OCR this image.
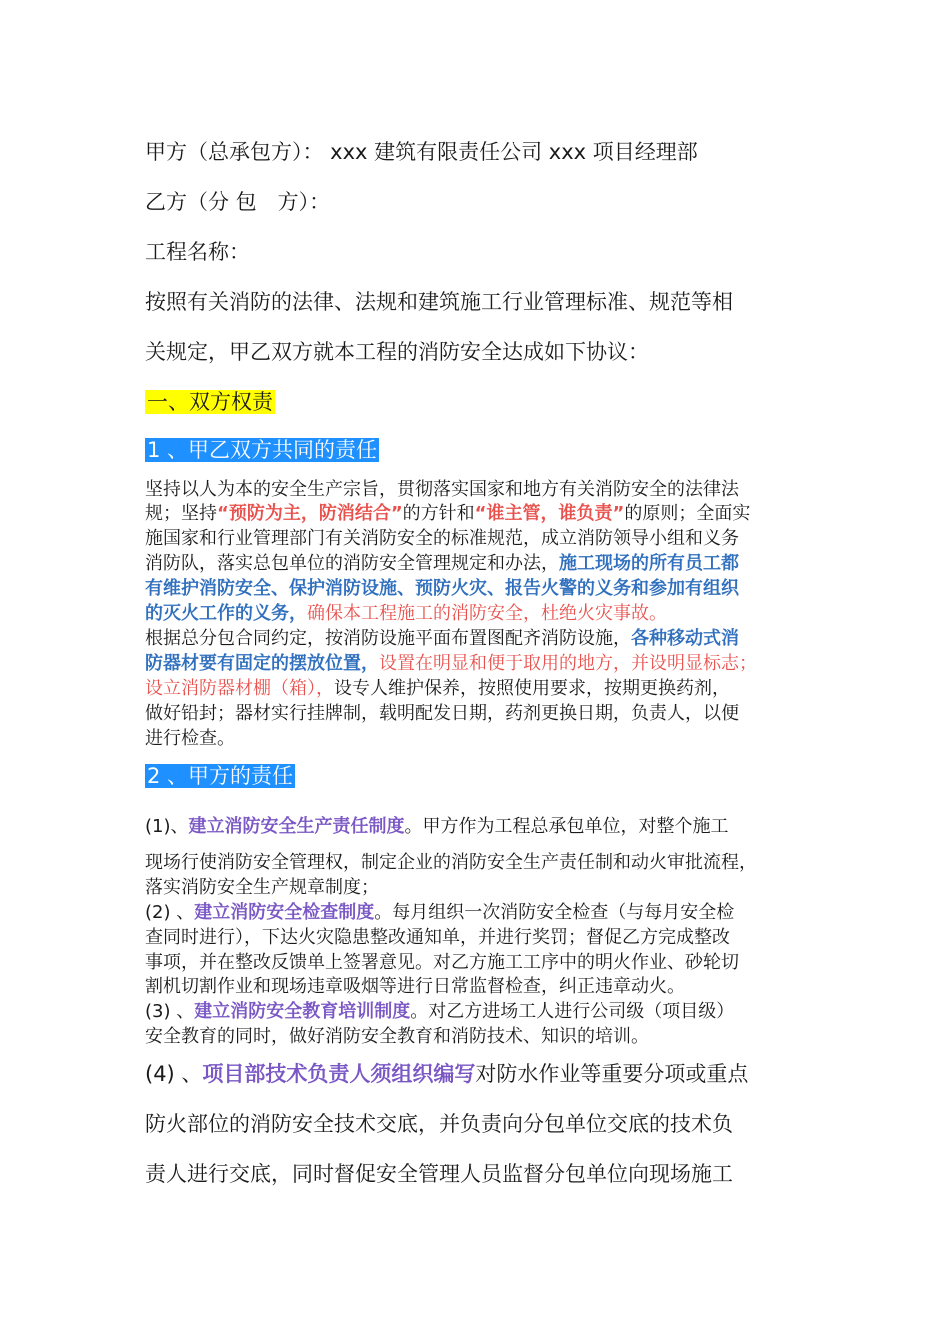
甲方（总承包方）： xxx 建筑有限责任公司 xxx 项目经理部
乙方（分 包　方）：
工程名称：
按照有关消防的法律、法规和建筑施工行业管理标准、规范等相
关规定，甲乙双方就本工程的消防安全达成如下协议：
一、双方权责
1 、甲乙双方共同的责任
坚持以人为本的安全生产宗旨，贯彻落实国家和地方有关消防安全的法律法
规；坚持“预防为主，防消结合”的方针和“谁主管，谁负责”的原则；全面实
施国家和行业管理部门有关消防安全的标准规范，成立消防领导小组和义务
消防队，落实总包单位的消防安全管理规定和办法，施工现场的所有员工都
有维护消防安全、保护消防设施、预防火灾、报告火警的义务和参加有组织
的灭火工作的义务，确保本工程施工的消防安全，杜绝火灾事故。
根据总分包合同约定，按消防设施平面布置图配齐消防设施，各种移动式消
防器材要有固定的摆放位置，设置在明显和便于取用的地方，并设明显标志；
设立消防器材棚（箱），设专人维护保养，按照使用要求，按期更换药剂，
做好铅封；器材实行挂牌制，载明配发日期，药剂更换日期，负责人，以便
进行检查。
2 、甲方的责任
(1)、建立消防安全生产责任制度。甲方作为工程总承包单位，对整个施工
现场行使消防安全管理权，制定企业的消防安全生产责任制和动火审批流程，
落实消防安全生产规章制度；
(2) 、建立消防安全检查制度。每月组织一次消防安全检查（与每月安全检
查同时进行），下达火灾隐患整改通知单，并进行奖罚；督促乙方完成整改
事项，并在整改反馈单上签署意见。对乙方施工工序中的明火作业、砂轮切
割机切割作业和现场违章吸烟等进行日常监督检查，纠正违章动火。
(3) 、建立消防安全教育培训制度。对乙方进场工人进行公司级（项目级）
安全教育的同时，做好消防安全教育和消防技术、知识的培训。
(4) 、项目部技术负责人须组织编写对防水作业等重要分项或重点
防火部位的消防安全技术交底，并负责向分包单位交底的技术负
责人进行交底，同时督促安全管理人员监督分包单位向现场施工
